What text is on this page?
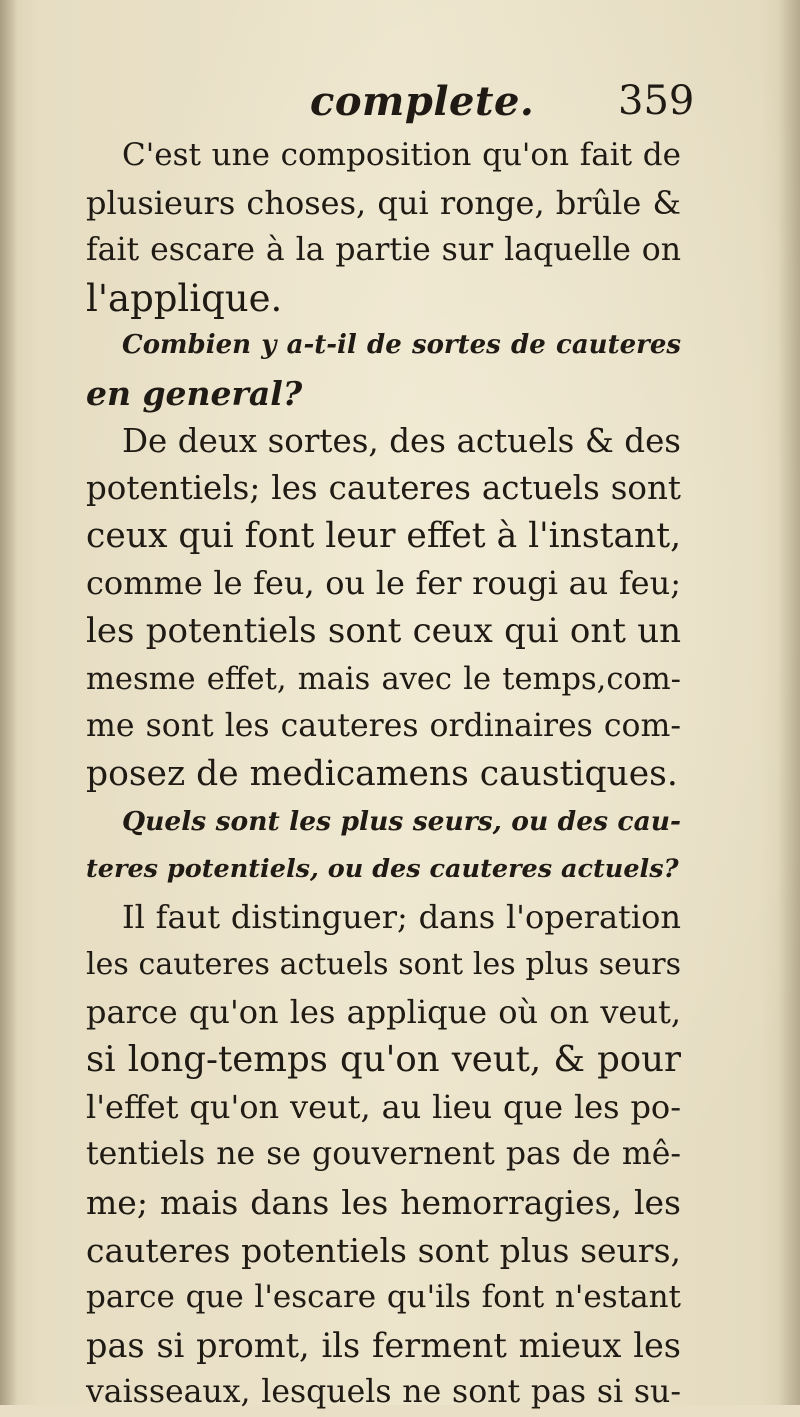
complete. 359
C'est une composition qu'on fait de
plusieurs choses, qui ronge, brûle &
fait escare à la partie sur laquelle on
l'applique.
Combien y a-t-il de sortes de cauteres
en general?
De deux sortes, des actuels & des
potentiels; les cauteres actuels sont
ceux qui font leur effet à l'instant,
comme le feu, ou le fer rougi au feu;
les potentiels sont ceux qui ont un
mesme effet, mais avec le temps,com-
me sont les cauteres ordinaires com-
posez de medicamens caustiques.
Quels sont les plus seurs, ou des cau-
teres potentiels, ou des cauteres actuels?
Il faut distinguer; dans l'operation
les cauteres actuels sont les plus seurs
parce qu'on les applique où on veut,
si long-temps qu'on veut, & pour
l'effet qu'on veut, au lieu que les po-
tentiels ne se gouvernent pas de mê-
me; mais dans les hemorragies, les
cauteres potentiels sont plus seurs,
parce que l'escare qu'ils font n'estant
pas si promt, ils ferment mieux les
vaisseaux, lesquels ne sont pas si su-
